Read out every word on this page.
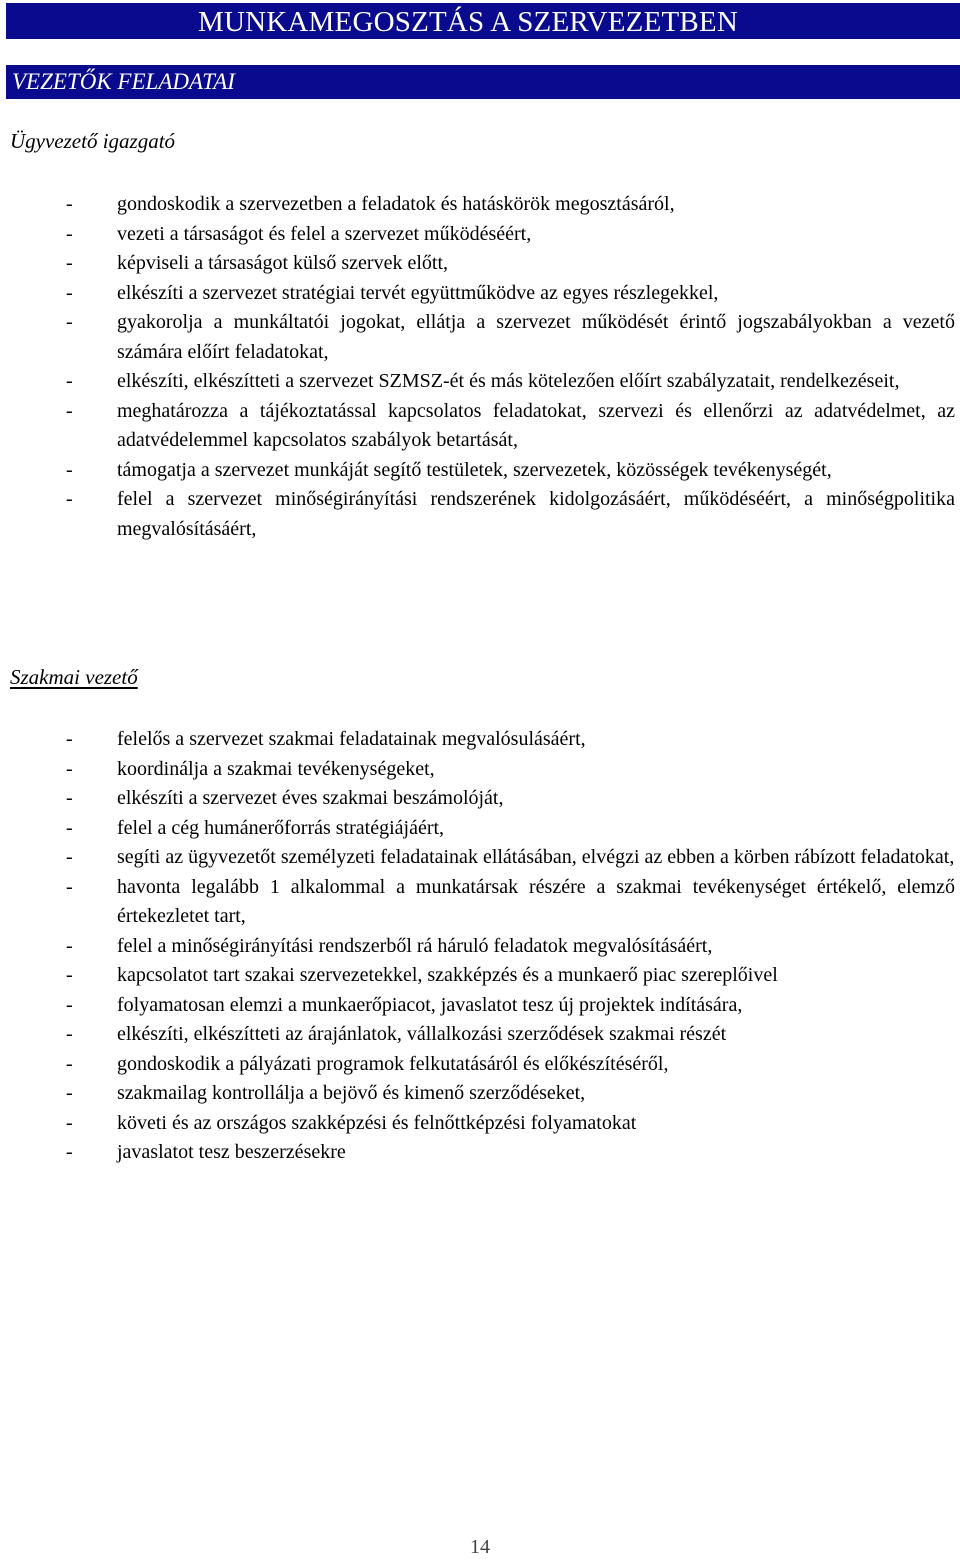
MUNKAMEGOSZTÁS A SZERVEZETBEN
VEZETŐK FELADATAI
Ügyvezető igazgató
- gondoskodik a szervezetben a feladatok és hatáskörök megosztásáról,
- vezeti a társaságot és felel a szervezet működéséért,
- képviseli a társaságot külső szervek előtt,
- elkészíti a szervezet stratégiai tervét együttműködve az egyes részlegekkel,
- gyakorolja a munkáltatói jogokat, ellátja a szervezet működését érintő jogszabályokban a vezető számára előírt feladatokat,
- elkészíti, elkészítteti a szervezet SZMSZ-ét és más kötelezően előírt szabályzatait, rendelkezéseit,
- meghatározza a tájékoztatással kapcsolatos feladatokat, szervezi és ellenőrzi az adatvédelmet, az adatvédelemmel kapcsolatos szabályok betartását,
- támogatja a szervezet munkáját segítő testületek, szervezetek, közösségek tevékenységét,
- felel a szervezet minőségirányítási rendszerének kidolgozásáért, működéséért, a minőségpolitika megvalósításáért,
Szakmai vezető
- felelős a szervezet szakmai feladatainak megvalósulásáért,
- koordinálja a szakmai tevékenységeket,
- elkészíti a szervezet éves szakmai beszámolóját,
- felel a cég humánerőforrás stratégiájáért,
- segíti az ügyvezetőt személyzeti feladatainak ellátásában, elvégzi az ebben a körben rábízott feladatokat,
- havonta legalább 1 alkalommal a munkatársak részére a szakmai tevékenységet értékelő, elemző értekezletet tart,
- felel a minőségirányítási rendszerből rá háruló feladatok megvalósításáért,
- kapcsolatot tart szakai szervezetekkel, szakképzés és a munkaerő piac szereplőivel
- folyamatosan elemzi a munkaerőpiacot, javaslatot tesz új projektek indítására,
- elkészíti, elkészítteti az árajánlatok, vállalkozási szerződések szakmai részét
- gondoskodik a pályázati programok felkutatásáról és előkészítéséről,
- szakmailag kontrollálja a bejövő és kimenő szerződéseket,
- követi és az országos szakképzési és felnőttképzési folyamatokat
- javaslatot tesz beszerzésekre
14
